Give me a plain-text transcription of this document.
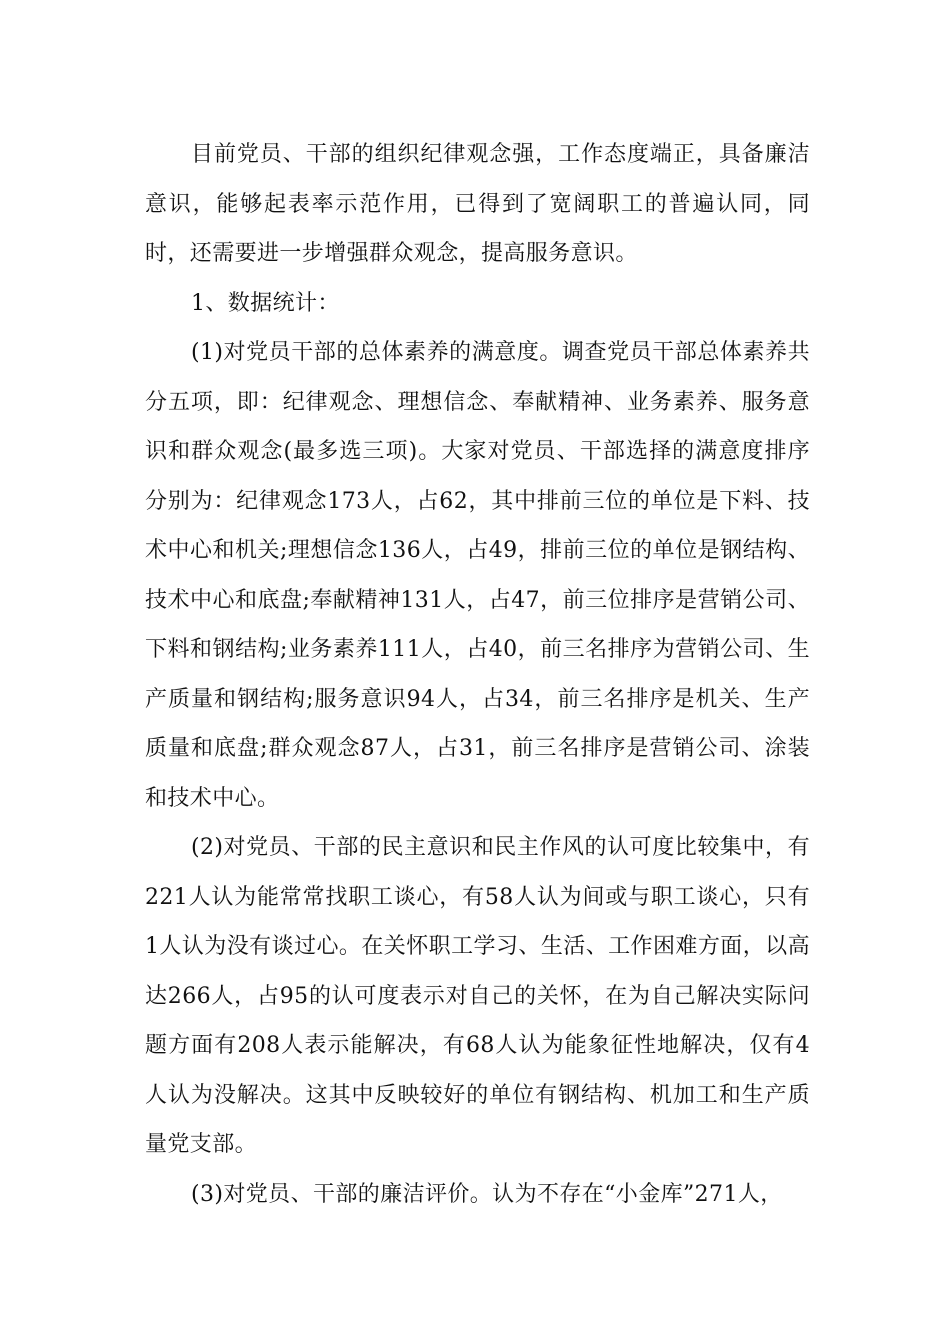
目前党员、干部的组织纪律观念强，工作态度端正，具备廉洁意识，能够起表率示范作用，已得到了宽阔职工的普遍认同，同时，还需要进一步增强群众观念，提高服务意识。

1、数据统计：

(1)对党员干部的总体素养的满意度。调查党员干部总体素养共分五项，即：纪律观念、理想信念、奉献精神、业务素养、服务意识和群众观念(最多选三项)。大家对党员、干部选择的满意度排序分别为：纪律观念173人，占62，其中排前三位的单位是下料、技术中心和机关;理想信念136人，占49，排前三位的单位是钢结构、技术中心和底盘;奉献精神131人，占47，前三位排序是营销公司、下料和钢结构;业务素养111人，占40，前三名排序为营销公司、生产质量和钢结构;服务意识94人，占34，前三名排序是机关、生产质量和底盘;群众观念87人，占31，前三名排序是营销公司、涂装和技术中心。

(2)对党员、干部的民主意识和民主作风的认可度比较集中，有221人认为能常常找职工谈心，有58人认为间或与职工谈心，只有1人认为没有谈过心。在关怀职工学习、生活、工作困难方面，以高达266人，占95的认可度表示对自己的关怀，在为自己解决实际问题方面有208人表示能解决，有68人认为能象征性地解决，仅有4人认为没解决。这其中反映较好的单位有钢结构、机加工和生产质量党支部。

(3)对党员、干部的廉洁评价。认为不存在“小金库”271人，
